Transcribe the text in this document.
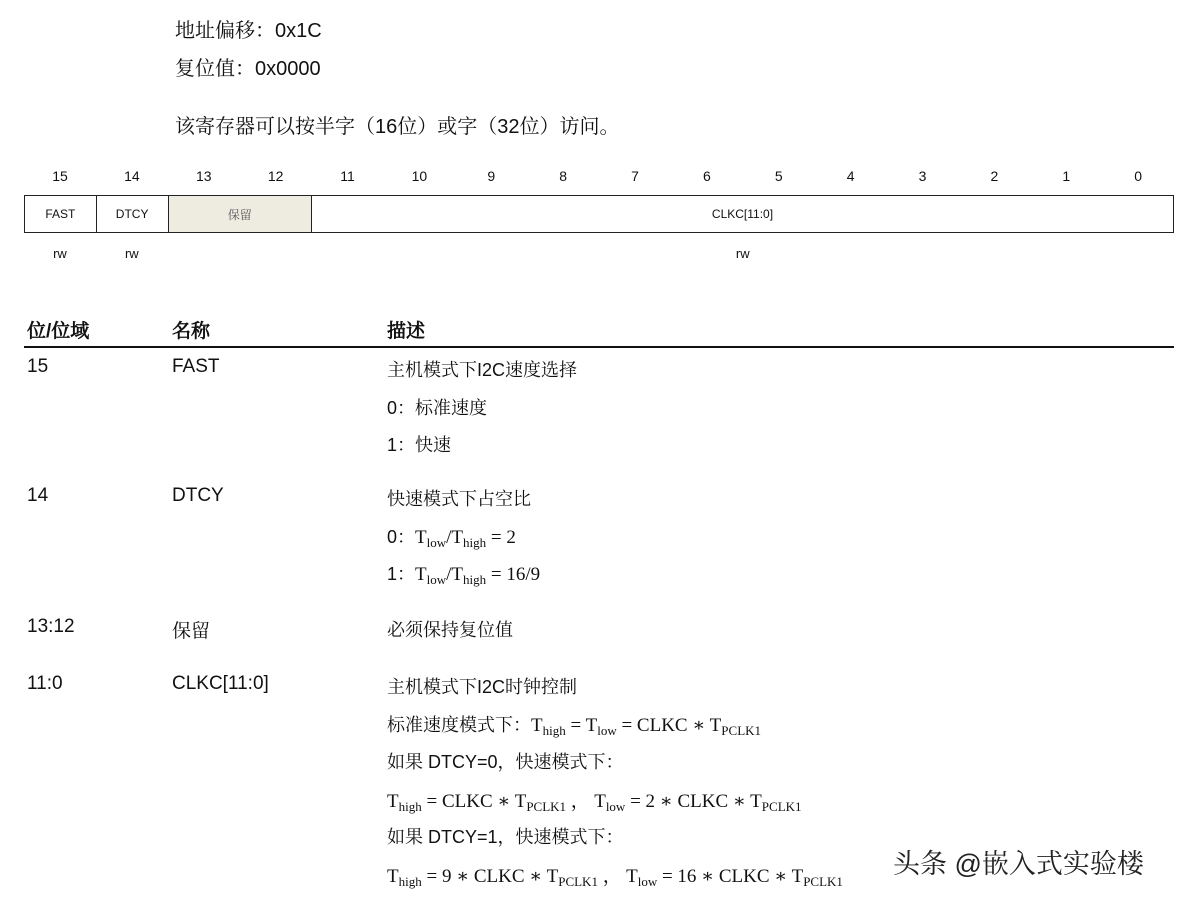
地址偏移：0x1C
复位值：0x0000
该寄存器可以按半字（16位）或字（32位）访问。
15	14	13	12	11	10	9	8	7	6	5	4	3	2	1	0
FAST	DTCY	保留	CLKC[11:0]
rw	rw	rw
位/位域	名称	描述
15	FAST	主机模式下I2C速度选择
0：标准速度
1：快速
14	DTCY	快速模式下占空比
0：$T_{low}/T_{high} = 2$
1：$T_{low}/T_{high} = 16/9$
13:12	保留	必须保持复位值
11:0	CLKC[11:0]	主机模式下I2C时钟控制
标准速度模式下：$T_{high} = T_{low}$ = CLKC ∗ $T_{PCLK1}$
如果 DTCY=0，快速模式下：
$T_{high}$ = CLKC ∗ $T_{PCLK1}$ ， $T_{low} = 2$ ∗ CLKC ∗ $T_{PCLK1}$
如果 DTCY=1，快速模式下：
$T_{high} = 9$ ∗ CLKC ∗ $T_{PCLK1}$ ， $T_{low} = 16$ ∗ CLKC ∗ $T_{PCLK1}$
头条 @嵌入式实验楼
